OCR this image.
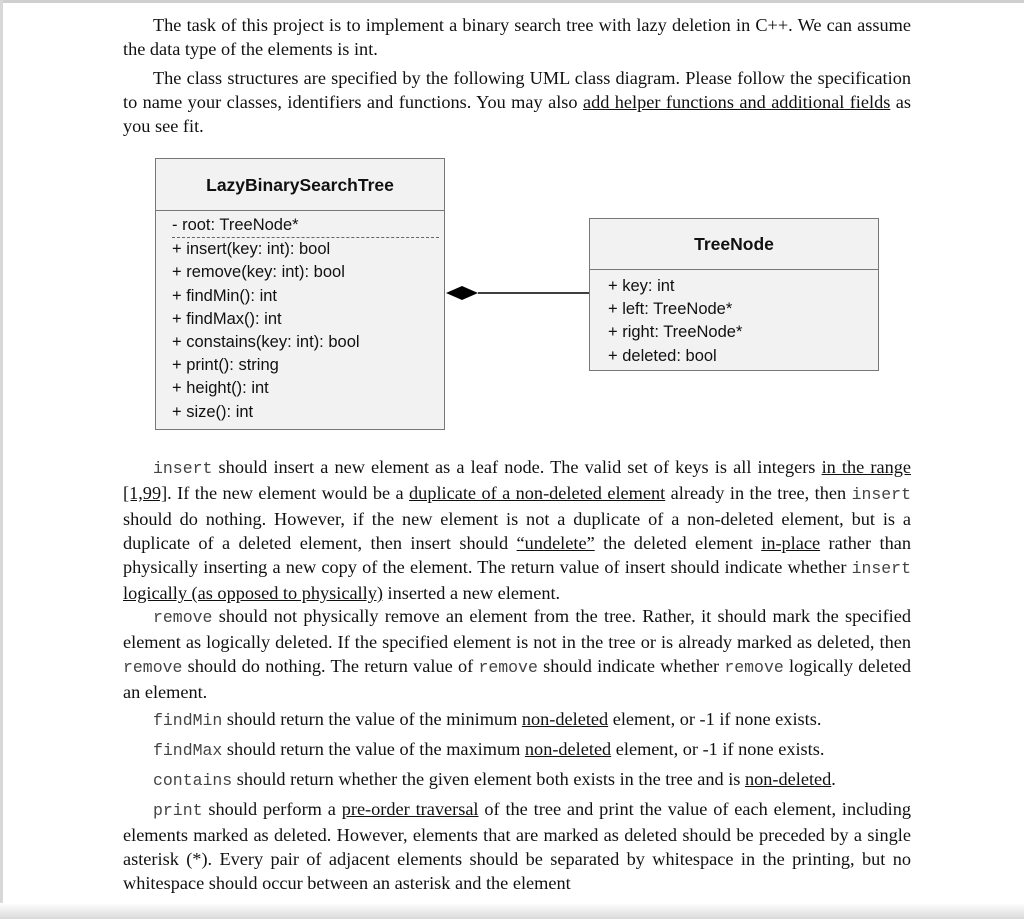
The task of this project is to implement a binary search tree with lazy deletion in C++. We can assume the data type of the elements is int.

The class structures are specified by the following UML class diagram. Please follow the specification to name your classes, identifiers and functions. You may also add helper functions and additional fields as you see fit.

LazyBinarySearchTree
- root: TreeNode*
+ insert(key: int): bool
+ remove(key: int): bool
+ findMin(): int
+ findMax(): int
+ constains(key: int): bool
+ print(): string
+ height(): int
+ size(): int
TreeNode
+ key: int
+ left: TreeNode*
+ right: TreeNode*
+ deleted: bool

insert should insert a new element as a leaf node. The valid set of keys is all integers in the range [1,99]. If the new element would be a duplicate of a non-deleted element already in the tree, then insert should do nothing. However, if the new element is not a duplicate of a non-deleted element, but is a duplicate of a deleted element, then insert should “undelete” the deleted element in-place rather than physically inserting a new copy of the element. The return value of insert should indicate whether insert logically (as opposed to physically) inserted a new element.

remove should not physically remove an element from the tree. Rather, it should mark the specified element as logically deleted. If the specified element is not in the tree or is already marked as deleted, then remove should do nothing. The return value of remove should indicate whether remove logically deleted an element.

findMin should return the value of the minimum non-deleted element, or -1 if none exists.

findMax should return the value of the maximum non-deleted element, or -1 if none exists.

contains should return whether the given element both exists in the tree and is non-deleted.

print should perform a pre-order traversal of the tree and print the value of each element, including elements marked as deleted. However, elements that are marked as deleted should be preceded by a single asterisk (*). Every pair of adjacent elements should be separated by whitespace in the printing, but no whitespace should occur between an asterisk and the element
